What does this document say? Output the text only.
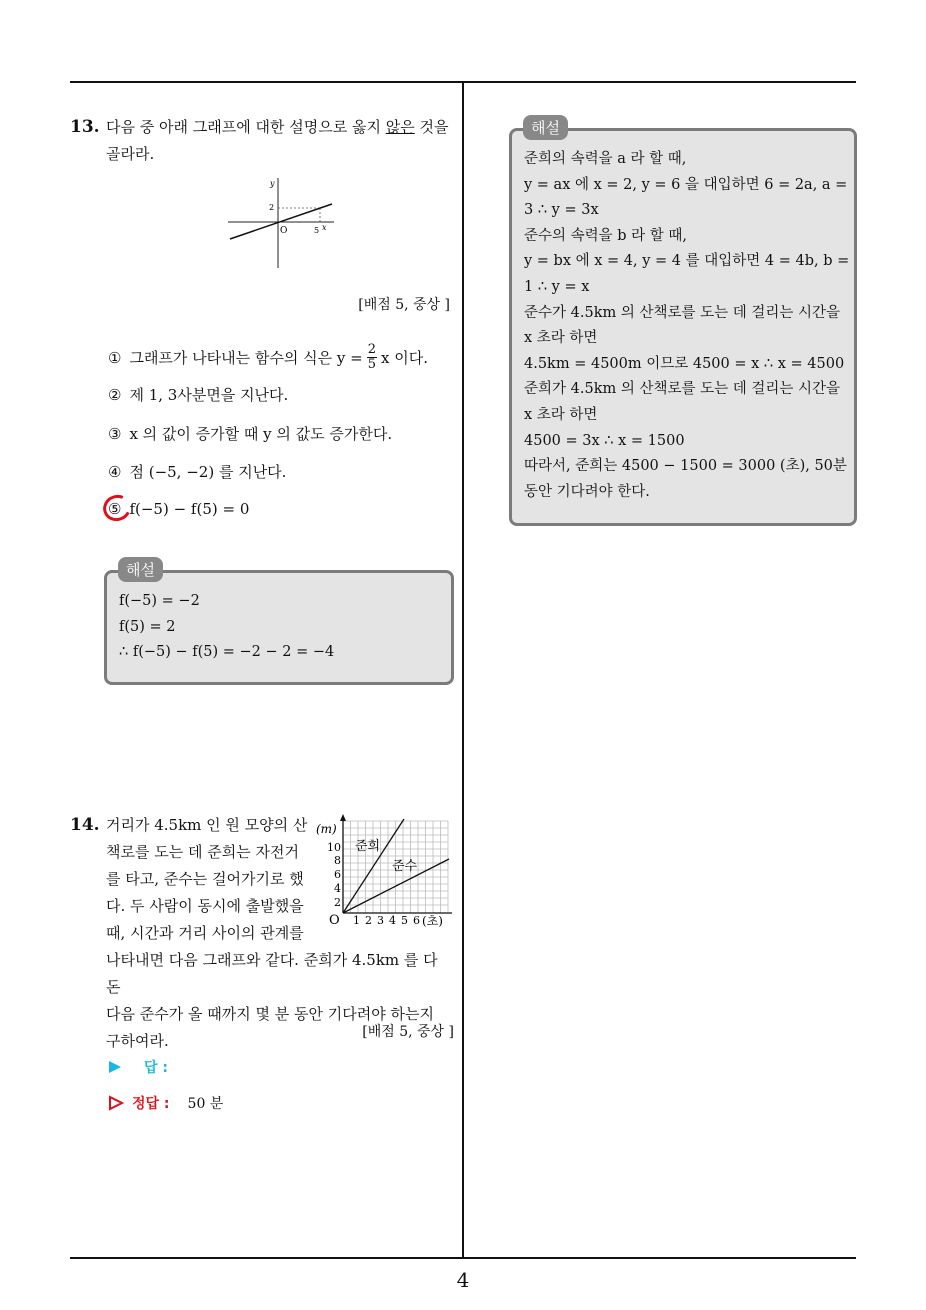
13. 다음 중 아래 그래프에 대한 설명으로 옳지 않은 것을
골라라.
y
x
O
2
5
[배점 5, 중상 ]
① 그래프가 나타내는 함수의 식은 $y = \frac{2}{5}$ x 이다.
② 제 1, 3사분면을 지난다.
③ x 의 값이 증가할 때 y 의 값도 증가한다.
④ 점 (−5, −2) 를 지난다.
⑤ f(−5) − f(5) = 0
f(−5) = −2
f(5) = 2
∴ f(−5) − f(5) = −2 − 2 = −4
해설
14. 거리가 4.5km 인 원 모양의 산
책로를 도는 데 준희는 자전거
를 타고, 준수는 걸어가기로 했
다. 두 사람이 동시에 출발했을
때, 시간과 거리 사이의 관계를
나타내면 다음 그래프와 같다. 준희가 4.5km 를 다 돈
다음 준수가 올 때까지 몇 분 동안 기다려야 하는지
구하여라.
(m)
O
10
8
6
4
2
1 2 3 4 5 6 (초)
준희
준수
[배점 5, 중상 ]
답 :
정답 : 50 분
준희의 속력을 a 라 할 때,
y = ax 에 x = 2, y = 6 을 대입하면 6 = 2a, a =
3 ∴ y = 3x
준수의 속력을 b 라 할 때,
y = bx 에 x = 4, y = 4 를 대입하면 4 = 4b, b =
1 ∴ y = x
준수가 4.5km 의 산책로를 도는 데 걸리는 시간을
x 초라 하면
4.5km = 4500m 이므로 4500 = x ∴ x = 4500
준희가 4.5km 의 산책로를 도는 데 걸리는 시간을
x 초라 하면
4500 = 3x ∴ x = 1500
따라서, 준희는 4500 − 1500 = 3000 (초), 50분
동안 기다려야 한다.
해설
4
